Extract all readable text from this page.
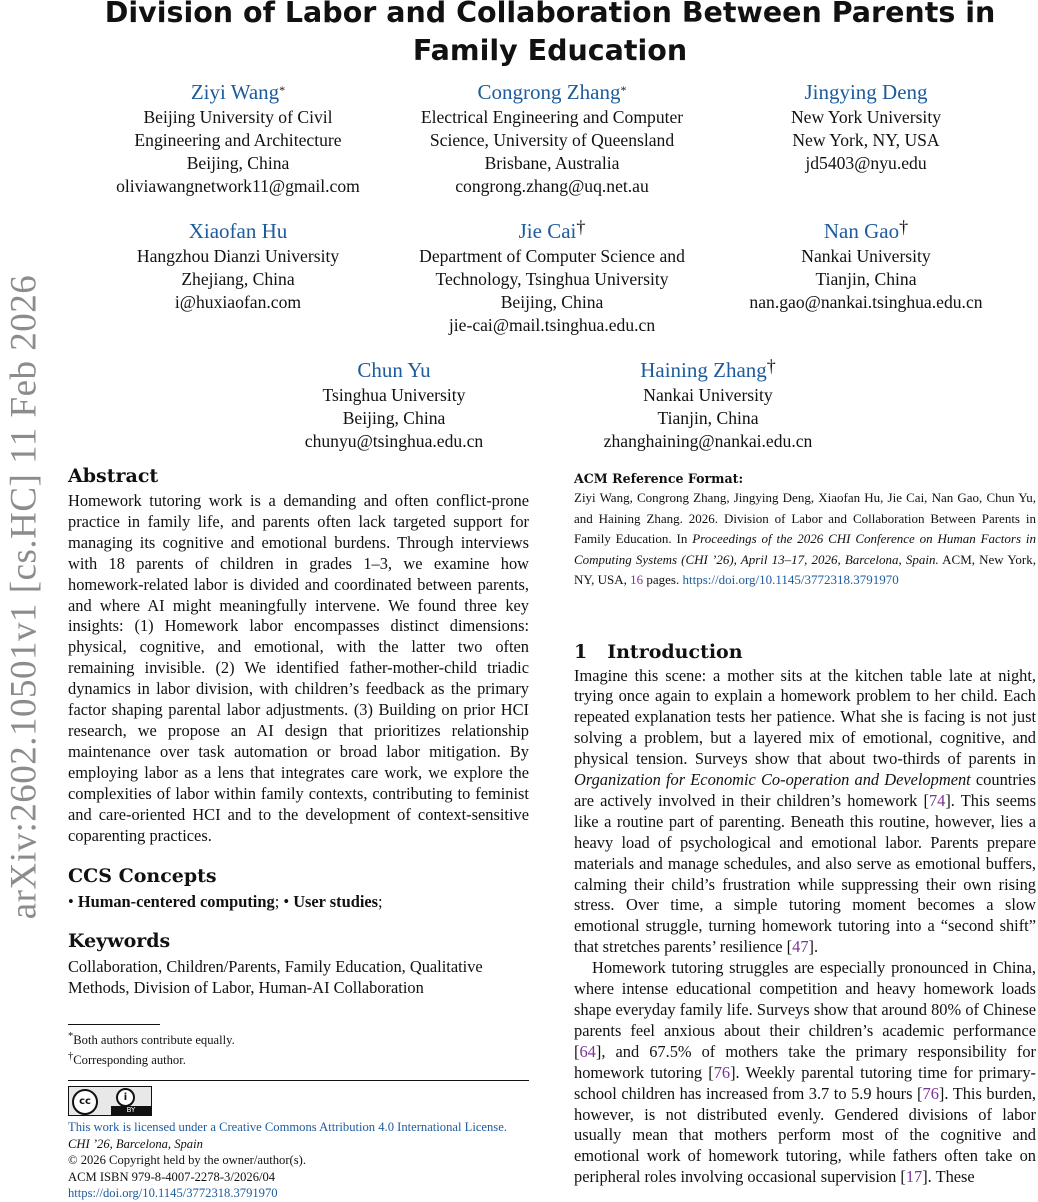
arXiv:2602.10501v1 [cs.HC] 11 Feb 2026
Division of Labor and Collaboration Between Parents in Family Education
Ziyi Wang*
Beijing University of Civil
Engineering and Architecture
Beijing, China
oliviawangnetwork11@gmail.com
Congrong Zhang*
Electrical Engineering and Computer
Science, University of Queensland
Brisbane, Australia
congrong.zhang@uq.net.au
Jingying Deng
New York University
New York, NY, USA
jd5403@nyu.edu
Xiaofan Hu
Hangzhou Dianzi University
Zhejiang, China
i@huxiaofan.com
Jie Cai†
Department of Computer Science and
Technology, Tsinghua University
Beijing, China
jie-cai@mail.tsinghua.edu.cn
Nan Gao†
Nankai University
Tianjin, China
nan.gao@nankai.tsinghua.edu.cn
Chun Yu
Tsinghua University
Beijing, China
chunyu@tsinghua.edu.cn
Haining Zhang†
Nankai University
Tianjin, China
zhanghaining@nankai.edu.cn
Abstract

Homework tutoring work is a demanding and often conflict-prone practice in family life, and parents often lack targeted support for managing its cognitive and emotional burdens. Through interviews with 18 parents of children in grades 1–3, we examine how homework-related labor is divided and coordinated between parents, and where AI might meaningfully intervene. We found three key insights: (1) Homework labor encompasses distinct dimensions: physical, cognitive, and emotional, with the latter two often remaining invisible. (2) We identified father-mother-child triadic dynamics in labor division, with children’s feedback as the primary factor shaping parental labor adjustments. (3) Building on prior HCI research, we propose an AI design that prioritizes relationship maintenance over task automation or broad labor mitigation. By employing labor as a lens that integrates care work, we explore the complexities of labor within family contexts, contributing to feminist and care-oriented HCI and to the development of context-sensitive coparenting practices.

CCS Concepts

• Human-centered computing; • User studies;

Keywords

Collaboration, Children/Parents, Family Education, Qualitative Methods, Division of Labor, Human-AI Collaboration

*Both authors contribute equally.
†Corresponding author.
cc	i
BY
This work is licensed under a Creative Commons Attribution 4.0 International License.
CHI ’26, Barcelona, Spain
© 2026 Copyright held by the owner/author(s).
ACM ISBN 979-8-4007-2278-3/2026/04
https://doi.org/10.1145/3772318.3791970
ACM Reference Format:

Ziyi Wang, Congrong Zhang, Jingying Deng, Xiaofan Hu, Jie Cai, Nan Gao, Chun Yu, and Haining Zhang. 2026. Division of Labor and Collaboration Between Parents in Family Education. In Proceedings of the 2026 CHI Conference on Human Factors in Computing Systems (CHI ’26), April 13–17, 2026, Barcelona, Spain. ACM, New York, NY, USA, 16 pages. https://doi.org/10.1145/3772318.3791970

1 Introduction

Imagine this scene: a mother sits at the kitchen table late at night, trying once again to explain a homework problem to her child. Each repeated explanation tests her patience. What she is facing is not just solving a problem, but a layered mix of emotional, cognitive, and physical tension. Surveys show that about two-thirds of parents in Organization for Economic Co-operation and Development countries are actively involved in their children’s homework [74]. This seems like a routine part of parenting. Beneath this routine, however, lies a heavy load of psychological and emotional labor. Parents prepare materials and manage schedules, and also serve as emotional buffers, calming their child’s frustration while suppressing their own rising stress. Over time, a simple tutoring moment becomes a slow emotional struggle, turning homework tutoring into a “second shift” that stretches parents’ resilience [47].

Homework tutoring struggles are especially pronounced in China, where intense educational competition and heavy homework loads shape everyday family life. Surveys show that around 80% of Chinese parents feel anxious about their children’s academic performance [64], and 67.5% of mothers take the primary responsibility for homework tutoring [76]. Weekly parental tutoring time for primary-school children has increased from 3.7 to 5.9 hours [76]. This burden, however, is not distributed evenly. Gendered divisions of labor usually mean that mothers perform most of the cognitive and emotional work of homework tutoring, while fathers often take on peripheral roles involving occasional supervision [17]. These
